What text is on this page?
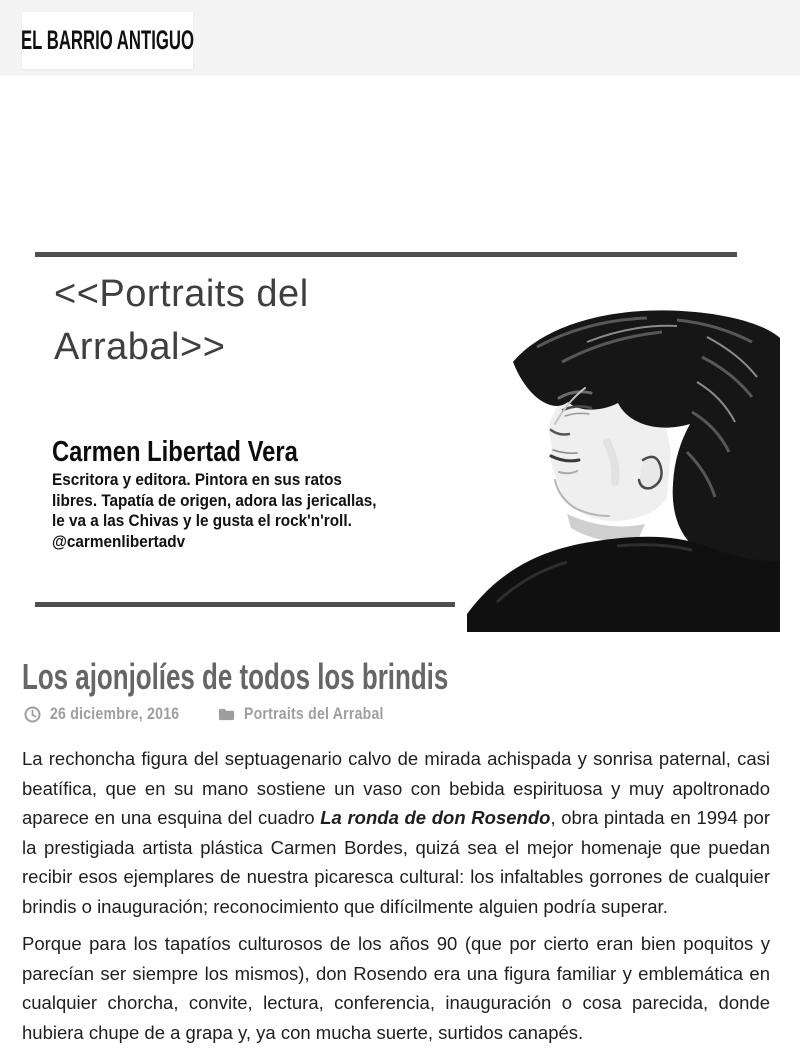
EL BARRIO ANTIGUO
<<Portraits del
Arrabal>>
Carmen Libertad Vera
Escritora y editora. Pintora en sus ratos
libres. Tapatía de origen, adora las jericallas,
le va a las Chivas y le gusta el rock'n'roll.
@carmenlibertadv
Los ajonjolíes de todos los brindis
26 diciembre, 2016	Portraits del Arrabal

La rechoncha figura del septuagenario calvo de mirada achispada y sonrisa paternal, casi beatífica, que en su mano sostiene un vaso con bebida espirituosa y muy apoltronado aparece en una esquina del cuadro La ronda de don Rosendo, obra pintada en 1994 por la prestigiada artista plástica Carmen Bordes, quizá sea el mejor homenaje que puedan recibir esos ejemplares de nuestra picaresca cultural: los infaltables gorrones de cualquier brindis o inauguración; reconocimiento que difícilmente alguien podría superar.

Porque para los tapatíos culturosos de los años 90 (que por cierto eran bien poquitos y parecían ser siempre los mismos), don Rosendo era una figura familiar y emblemática en cualquier chorcha, convite, lectura, conferencia, inauguración o cosa parecida, donde hubiera chupe de a grapa y, ya con mucha suerte, surtidos canapés.
